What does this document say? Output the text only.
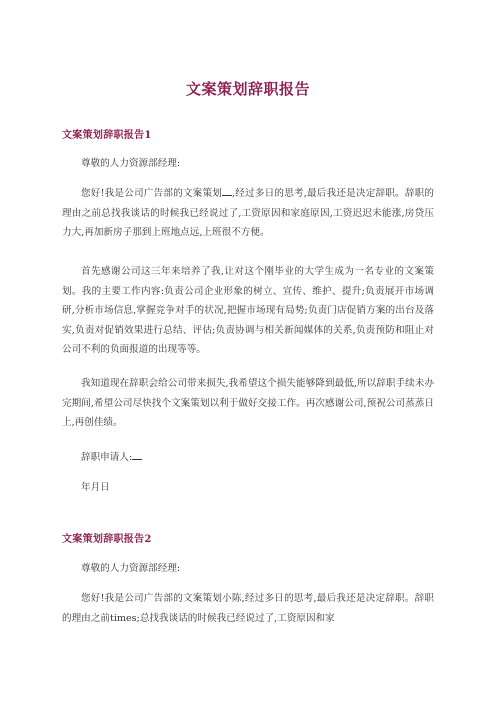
文案策划辞职报告
文案策划辞职报告1
尊敬的人力资源部经理:
您好!我是公司广告部的文案策划 ,经过多日的思考,最后我还是决定辞职。辞职的理由之前总找我谈话的时候我已经说过了,工资原因和家庭原因,工资迟迟未能涨,房贷压力大,再加新房子那到上班地点远,上班很不方便。
首先感谢公司这三年来培养了我,让对这个刚毕业的大学生成为一名专业的文案策划。我的主要工作内容:负责公司企业形象的树立、宣传、维护、提升;负责展开市场调研,分析市场信息,掌握竞争对手的状况,把握市场现有局势;负责门店促销方案的出台及落实,负责对促销效果进行总结、评估;负责协调与相关新闻媒体的关系,负责预防和阻止对公司不利的负面报道的出现等等。
我知道现在辞职会给公司带来损失,我希望这个损失能够降到最低,所以辞职手续未办完期间,希望公司尽快找个文案策划以利于做好交接工作。再次感谢公司,预祝公司蒸蒸日上,再创佳绩。
辞职申请人:
年月日
文案策划辞职报告2
尊敬的人力资源部经理:
您好!我是公司广告部的文案策划小陈,经过多日的思考,最后我还是决定辞职。辞职的理由之前times;总找我谈话的时候我已经说过了,工资原因和家
